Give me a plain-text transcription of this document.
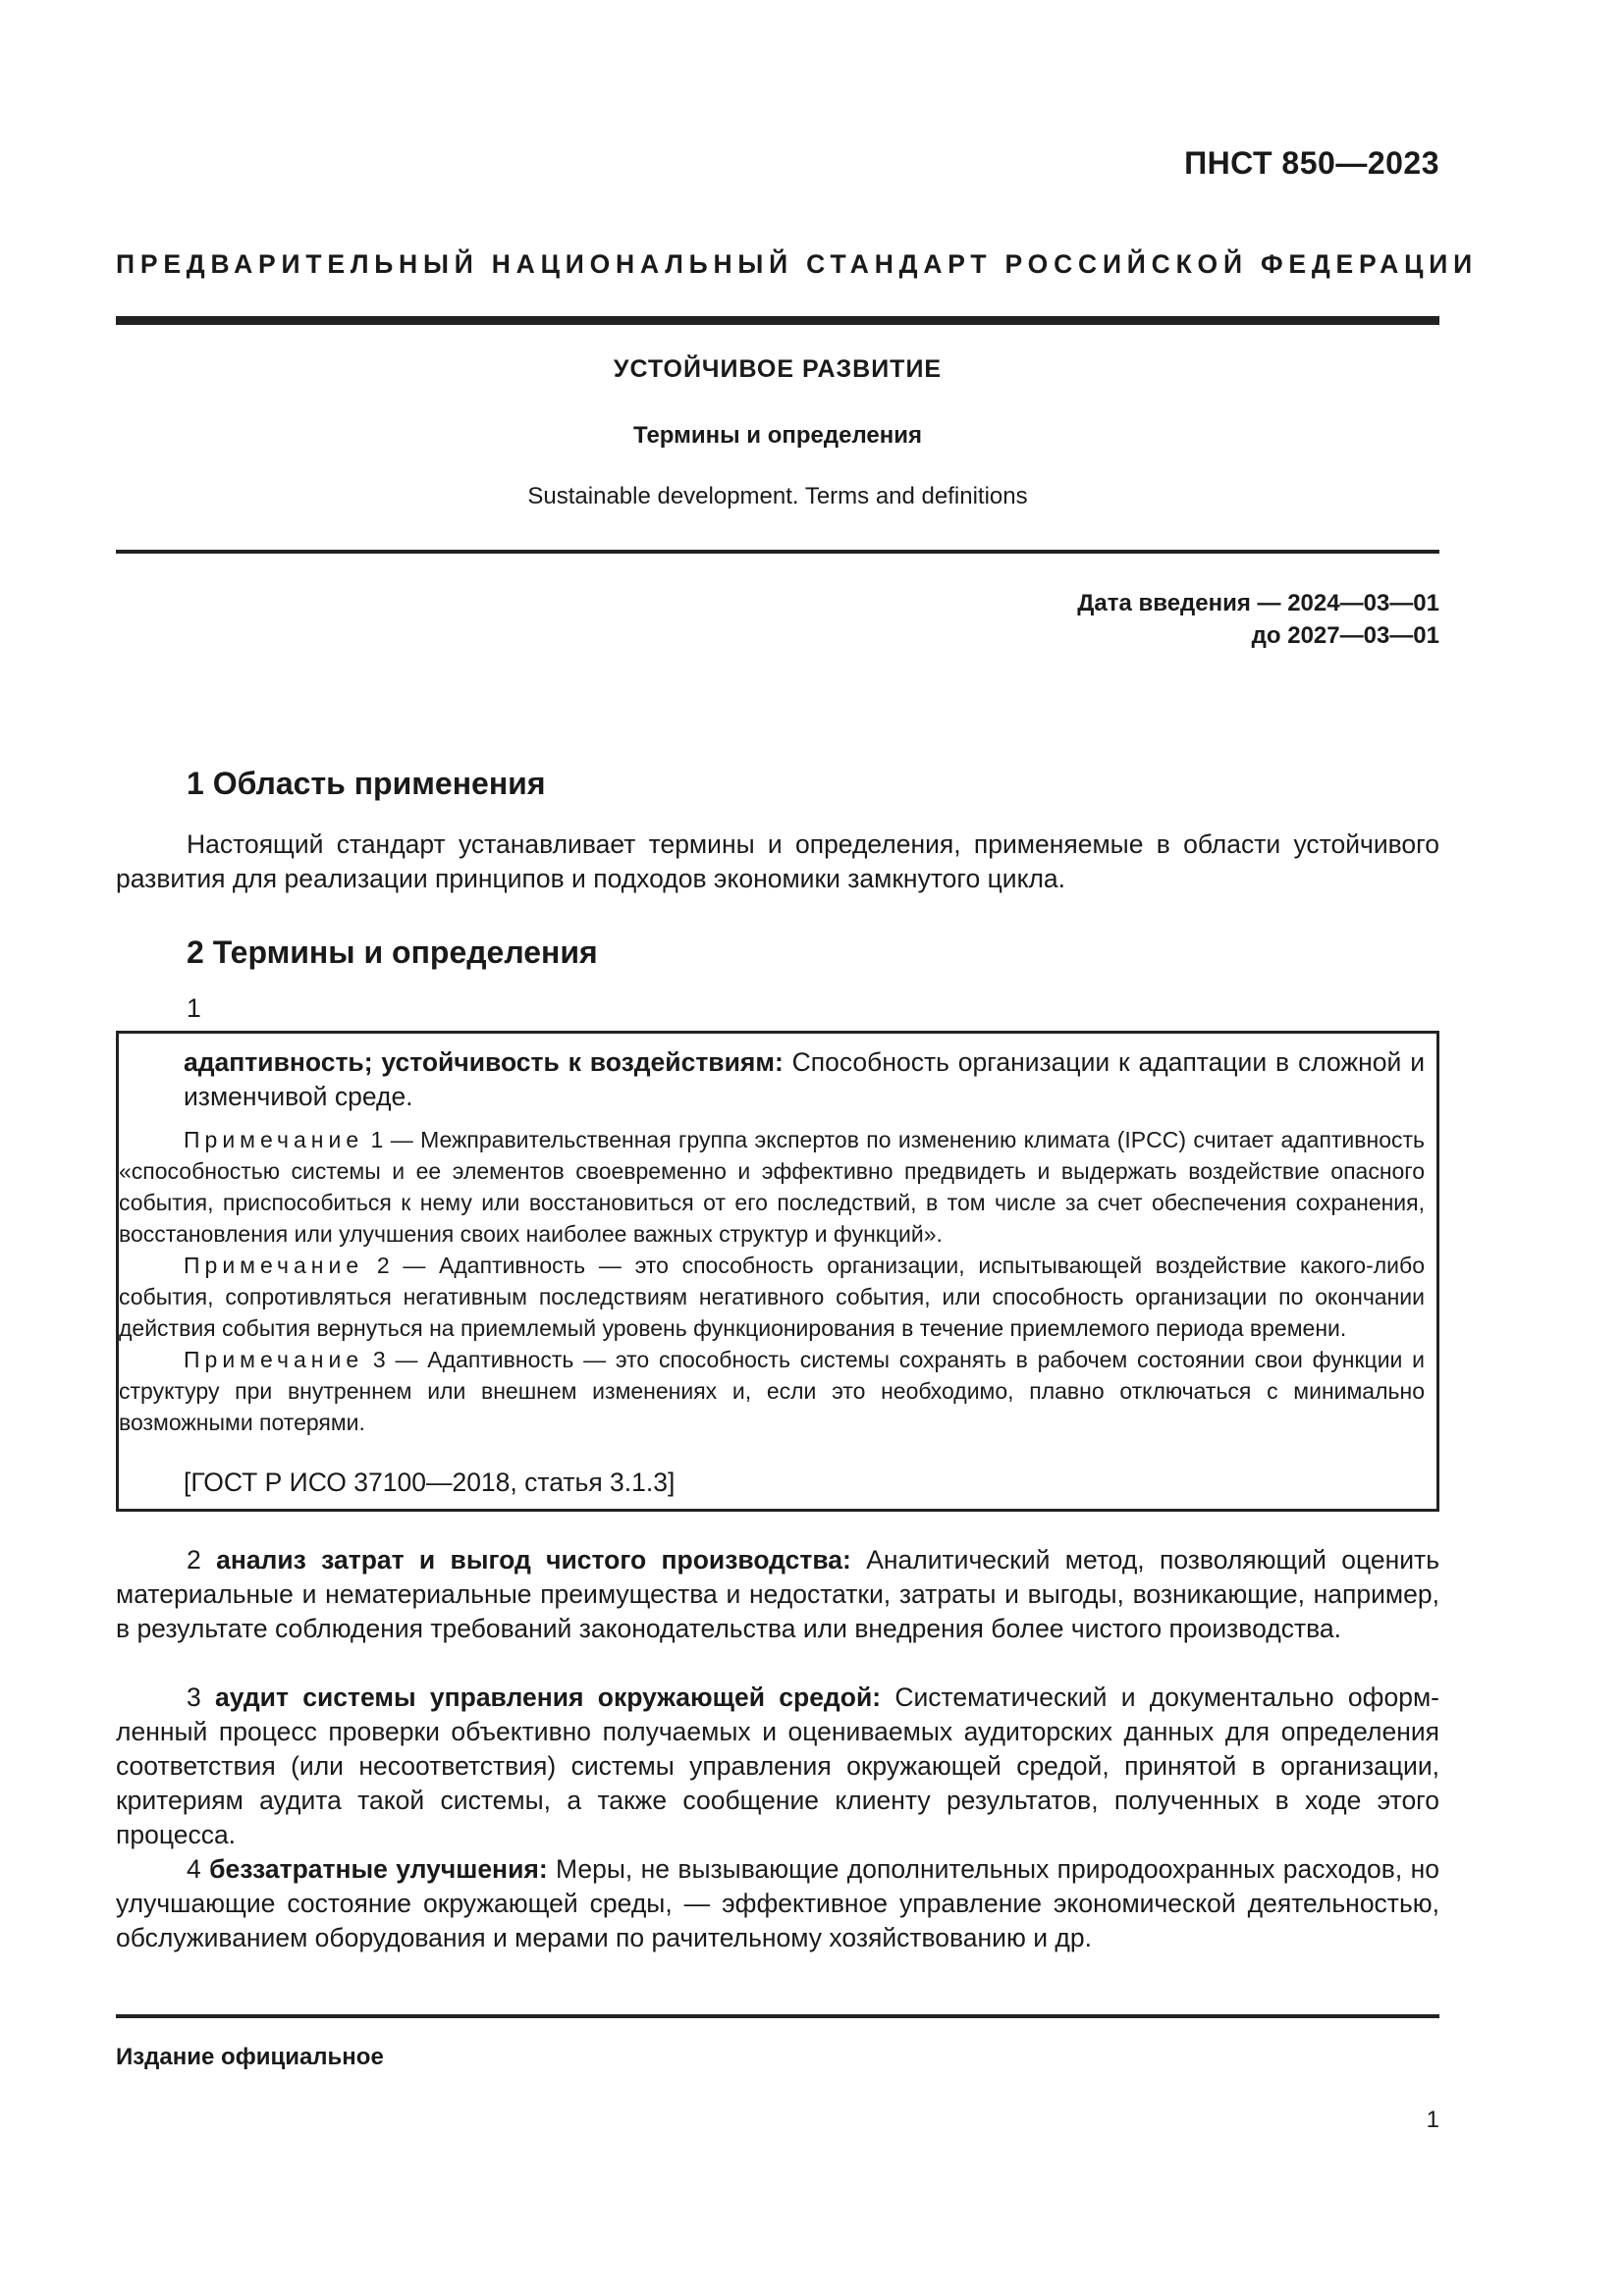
ПНСТ 850—2023
ПРЕДВАРИТЕЛЬНЫЙ НАЦИОНАЛЬНЫЙ СТАНДАРТ РОССИЙСКОЙ ФЕДЕРАЦИИ
УСТОЙЧИВОЕ РАЗВИТИЕ
Термины и определения
Sustainable development. Terms and definitions
Дата введения — 2024—03—01
до 2027—03—01
1 Область применения
Настоящий стандарт устанавливает термины и определения, применяемые в области устойчивого развития для реализации принципов и подходов экономики замкнутого цикла.
2 Термины и определения
1
адаптивность; устойчивость к воздействиям: Способность организации к адаптации в сложной и изменчивой среде.
Примечание 1 — Межправительственная группа экспертов по изменению климата (IPCC) считает адаптивность «способностью системы и ее элементов своевременно и эффективно предвидеть и выдержать воздействие опасного события, приспособиться к нему или восстановиться от его последствий, в том числе за счет обеспечения сохранения, восстановления или улучшения своих наиболее важных структур и функций».
Примечание 2 — Адаптивность — это способность организации, испытывающей воздействие какого-либо события, сопротивляться негативным последствиям негативного события, или способность организации по окончании действия события вернуться на приемлемый уровень функционирования в течение приемлемого периода времени.
Примечание 3 — Адаптивность — это способность системы сохранять в рабочем состоянии свои функции и структуру при внутреннем или внешнем изменениях и, если это необходимо, плавно отключаться с минимально возможными потерями.
[ГОСТ Р ИСО 37100—2018, статья 3.1.3]
2 анализ затрат и выгод чистого производства: Аналитический метод, позволяющий оценить материальные и нематериальные преимущества и недостатки, затраты и выгоды, возникающие, например, в результате соблюдения требований законодательства или внедрения более чистого производства.
3 аудит системы управления окружающей средой: Систематический и документально оформленный процесс проверки объективно получаемых и оцениваемых аудиторских данных для определения соответствия (или несоответствия) системы управления окружающей средой, принятой в организации, критериям аудита такой системы, а также сообщение клиенту результатов, полученных в ходе этого процесса.
4 беззатратные улучшения: Меры, не вызывающие дополнительных природоохранных расходов, но улучшающие состояние окружающей среды, — эффективное управление экономической деятельностью, обслуживанием оборудования и мерами по рачительному хозяйствованию и др.
Издание официальное
1
